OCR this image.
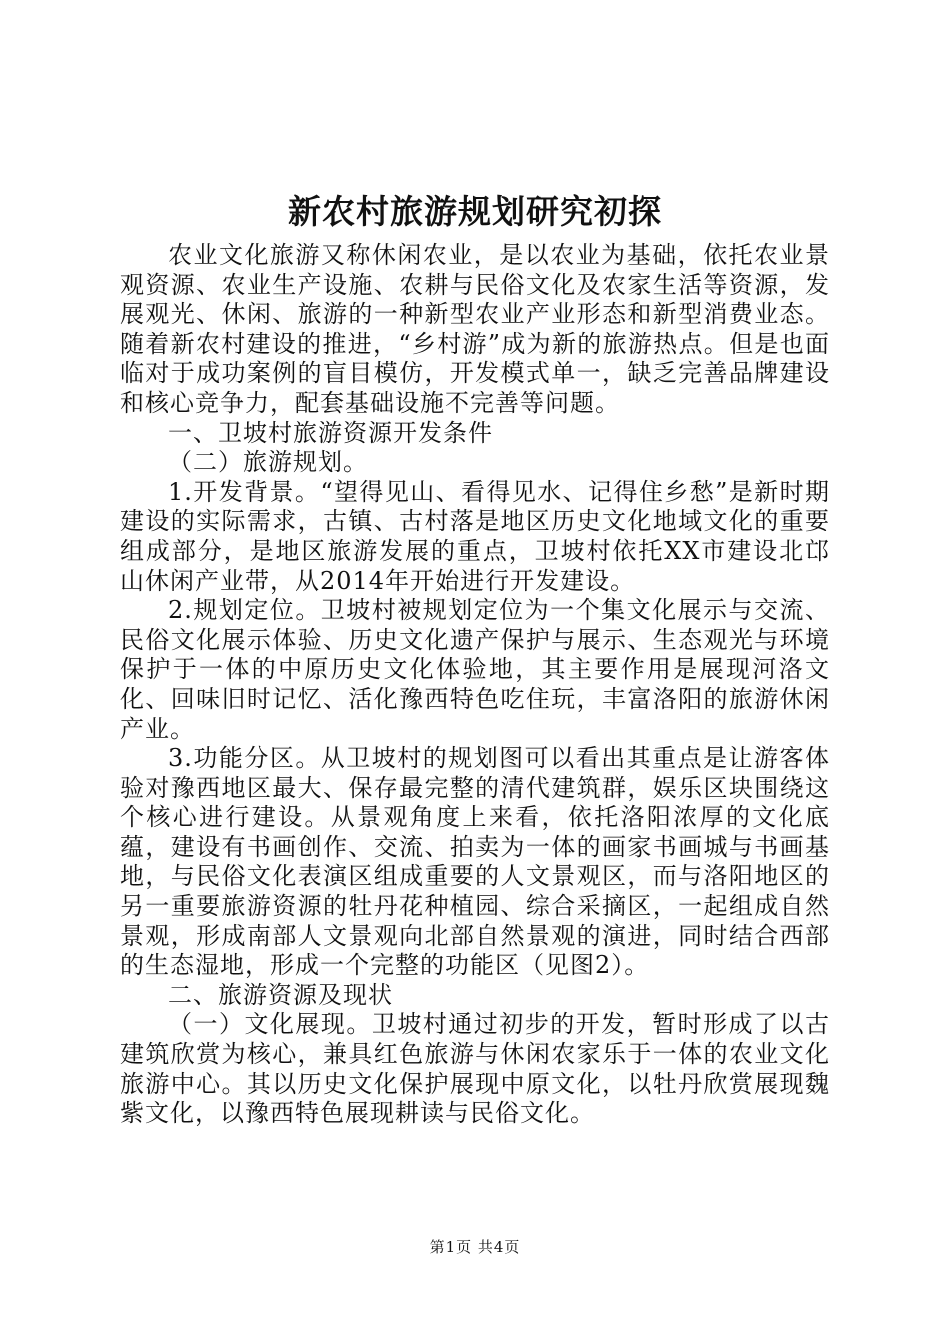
新农村旅游规划研究初探

农业文化旅游又称休闲农业，是以农业为基础，依托农业景观资源、农业生产设施、农耕与民俗文化及农家生活等资源，发展观光、休闲、旅游的一种新型农业产业形态和新型消费业态。随着新农村建设的推进，“乡村游”成为新的旅游热点。但是也面临对于成功案例的盲目模仿，开发模式单一，缺乏完善品牌建设和核心竞争力，配套基础设施不完善等问题。

一、卫坡村旅游资源开发条件

（二）旅游规划。

1.开发背景。“望得见山、看得见水、记得住乡愁”是新时期建设的实际需求，古镇、古村落是地区历史文化地域文化的重要组成部分，是地区旅游发展的重点，卫坡村依托XX市建设北邙山休闲产业带，从2014年开始进行开发建设。

2.规划定位。卫坡村被规划定位为一个集文化展示与交流、民俗文化展示体验、历史文化遗产保护与展示、生态观光与环境保护于一体的中原历史文化体验地，其主要作用是展现河洛文化、回味旧时记忆、活化豫西特色吃住玩，丰富洛阳的旅游休闲产业。

3.功能分区。从卫坡村的规划图可以看出其重点是让游客体验对豫西地区最大、保存最完整的清代建筑群，娱乐区块围绕这个核心进行建设。从景观角度上来看，依托洛阳浓厚的文化底蕴，建设有书画创作、交流、拍卖为一体的画家书画城与书画基地，与民俗文化表演区组成重要的人文景观区，而与洛阳地区的另一重要旅游资源的牡丹花种植园、综合采摘区，一起组成自然景观，形成南部人文景观向北部自然景观的演进，同时结合西部的生态湿地，形成一个完整的功能区（见图2）。

二、旅游资源及现状

（一）文化展现。卫坡村通过初步的开发，暂时形成了以古建筑欣赏为核心，兼具红色旅游与休闲农家乐于一体的农业文化旅游中心。其以历史文化保护展现中原文化，以牡丹欣赏展现魏紫文化，以豫西特色展现耕读与民俗文化。

第1页 共4页
